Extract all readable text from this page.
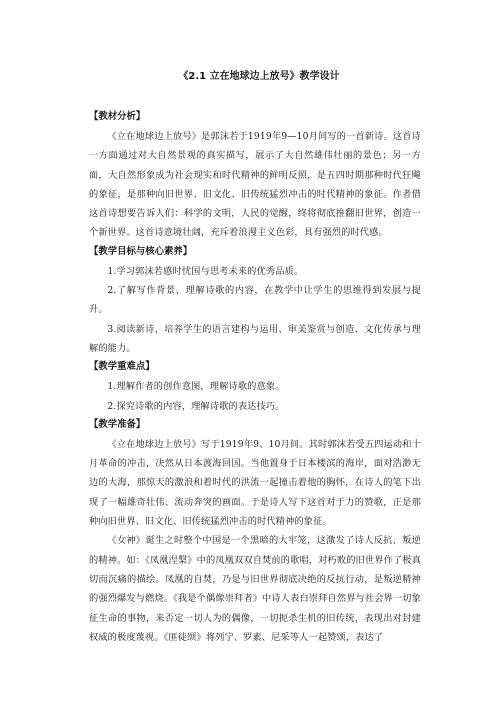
《2.1 立在地球边上放号》教学设计

【教材分析】

《立在地球边上放号》是郭沫若于1919年9—10月间写的一首新诗。这首诗一方面通过对大自然景观的真实描写，展示了大自然雄伟壮丽的景色；另一方面，大自然形象成为社会现实和时代精神的鲜明反照，是五四时期那种时代狂飚的象征，是那种向旧世界、旧文化、旧传统猛烈冲击的时代精神的象征。作者借这首诗想要告诉人们：科学的文明，人民的觉醒，终将彻底推翻旧世界，创造一个新世界。这首诗意境壮阔，充斥着浪漫主义色彩，具有强烈的时代感。

【教学目标与核心素养】

1.学习郭沫若感时忧国与思考未来的优秀品质。

2.了解写作背景，理解诗歌的内容，在教学中让学生的思维得到发展与提升。

3.阅读新诗，培养学生的语言建构与运用、审美鉴赏与创造、文化传承与理解的能力。

【教学重难点】

1.理解作者的创作意图，理解诗歌的意象。

2.探究诗歌的内容，理解诗歌的表达技巧。

【教学准备】

《立在地球边上放号》写于1919年9、10月间。其时郭沫若受五四运动和十月革命的冲击，决然从日本渡海回国。当他置身于日本楼滨的海岸，面对浩渺无边的大海，那惊天的激浪和着时代的洪流一起撞击着他的胸怀，在诗人的笔下出现了一幅雄奇壮伟、流动奔突的画面。于是诗人写下这首对于力的赞歌，正是那种向旧世界、旧文化、旧传统猛烈冲击的时代精神的象征。

《女神》诞生之时整个中国是一个黑暗的大牢笼，这激发了诗人反抗、叛逆的精神。如：《凤凰涅槃》中的凤凰双双自焚前的歌唱，对朽败的旧世界作了极真切而沉痛的描绘。凤凰的自焚，乃是与旧世界彻底决绝的反抗行动，是叛逆精神的强烈爆发与燃烧。《我是个偶像崇拜者》中诗人表白崇拜自然界与社会界一切象征生命的事物，来否定一切人为的偶像，一切扼杀生机的旧传统，表现出对封建权威的极度蔑视。《匪徒颂》将列宁、罗素、尼采等人一起赞颂，表达了
